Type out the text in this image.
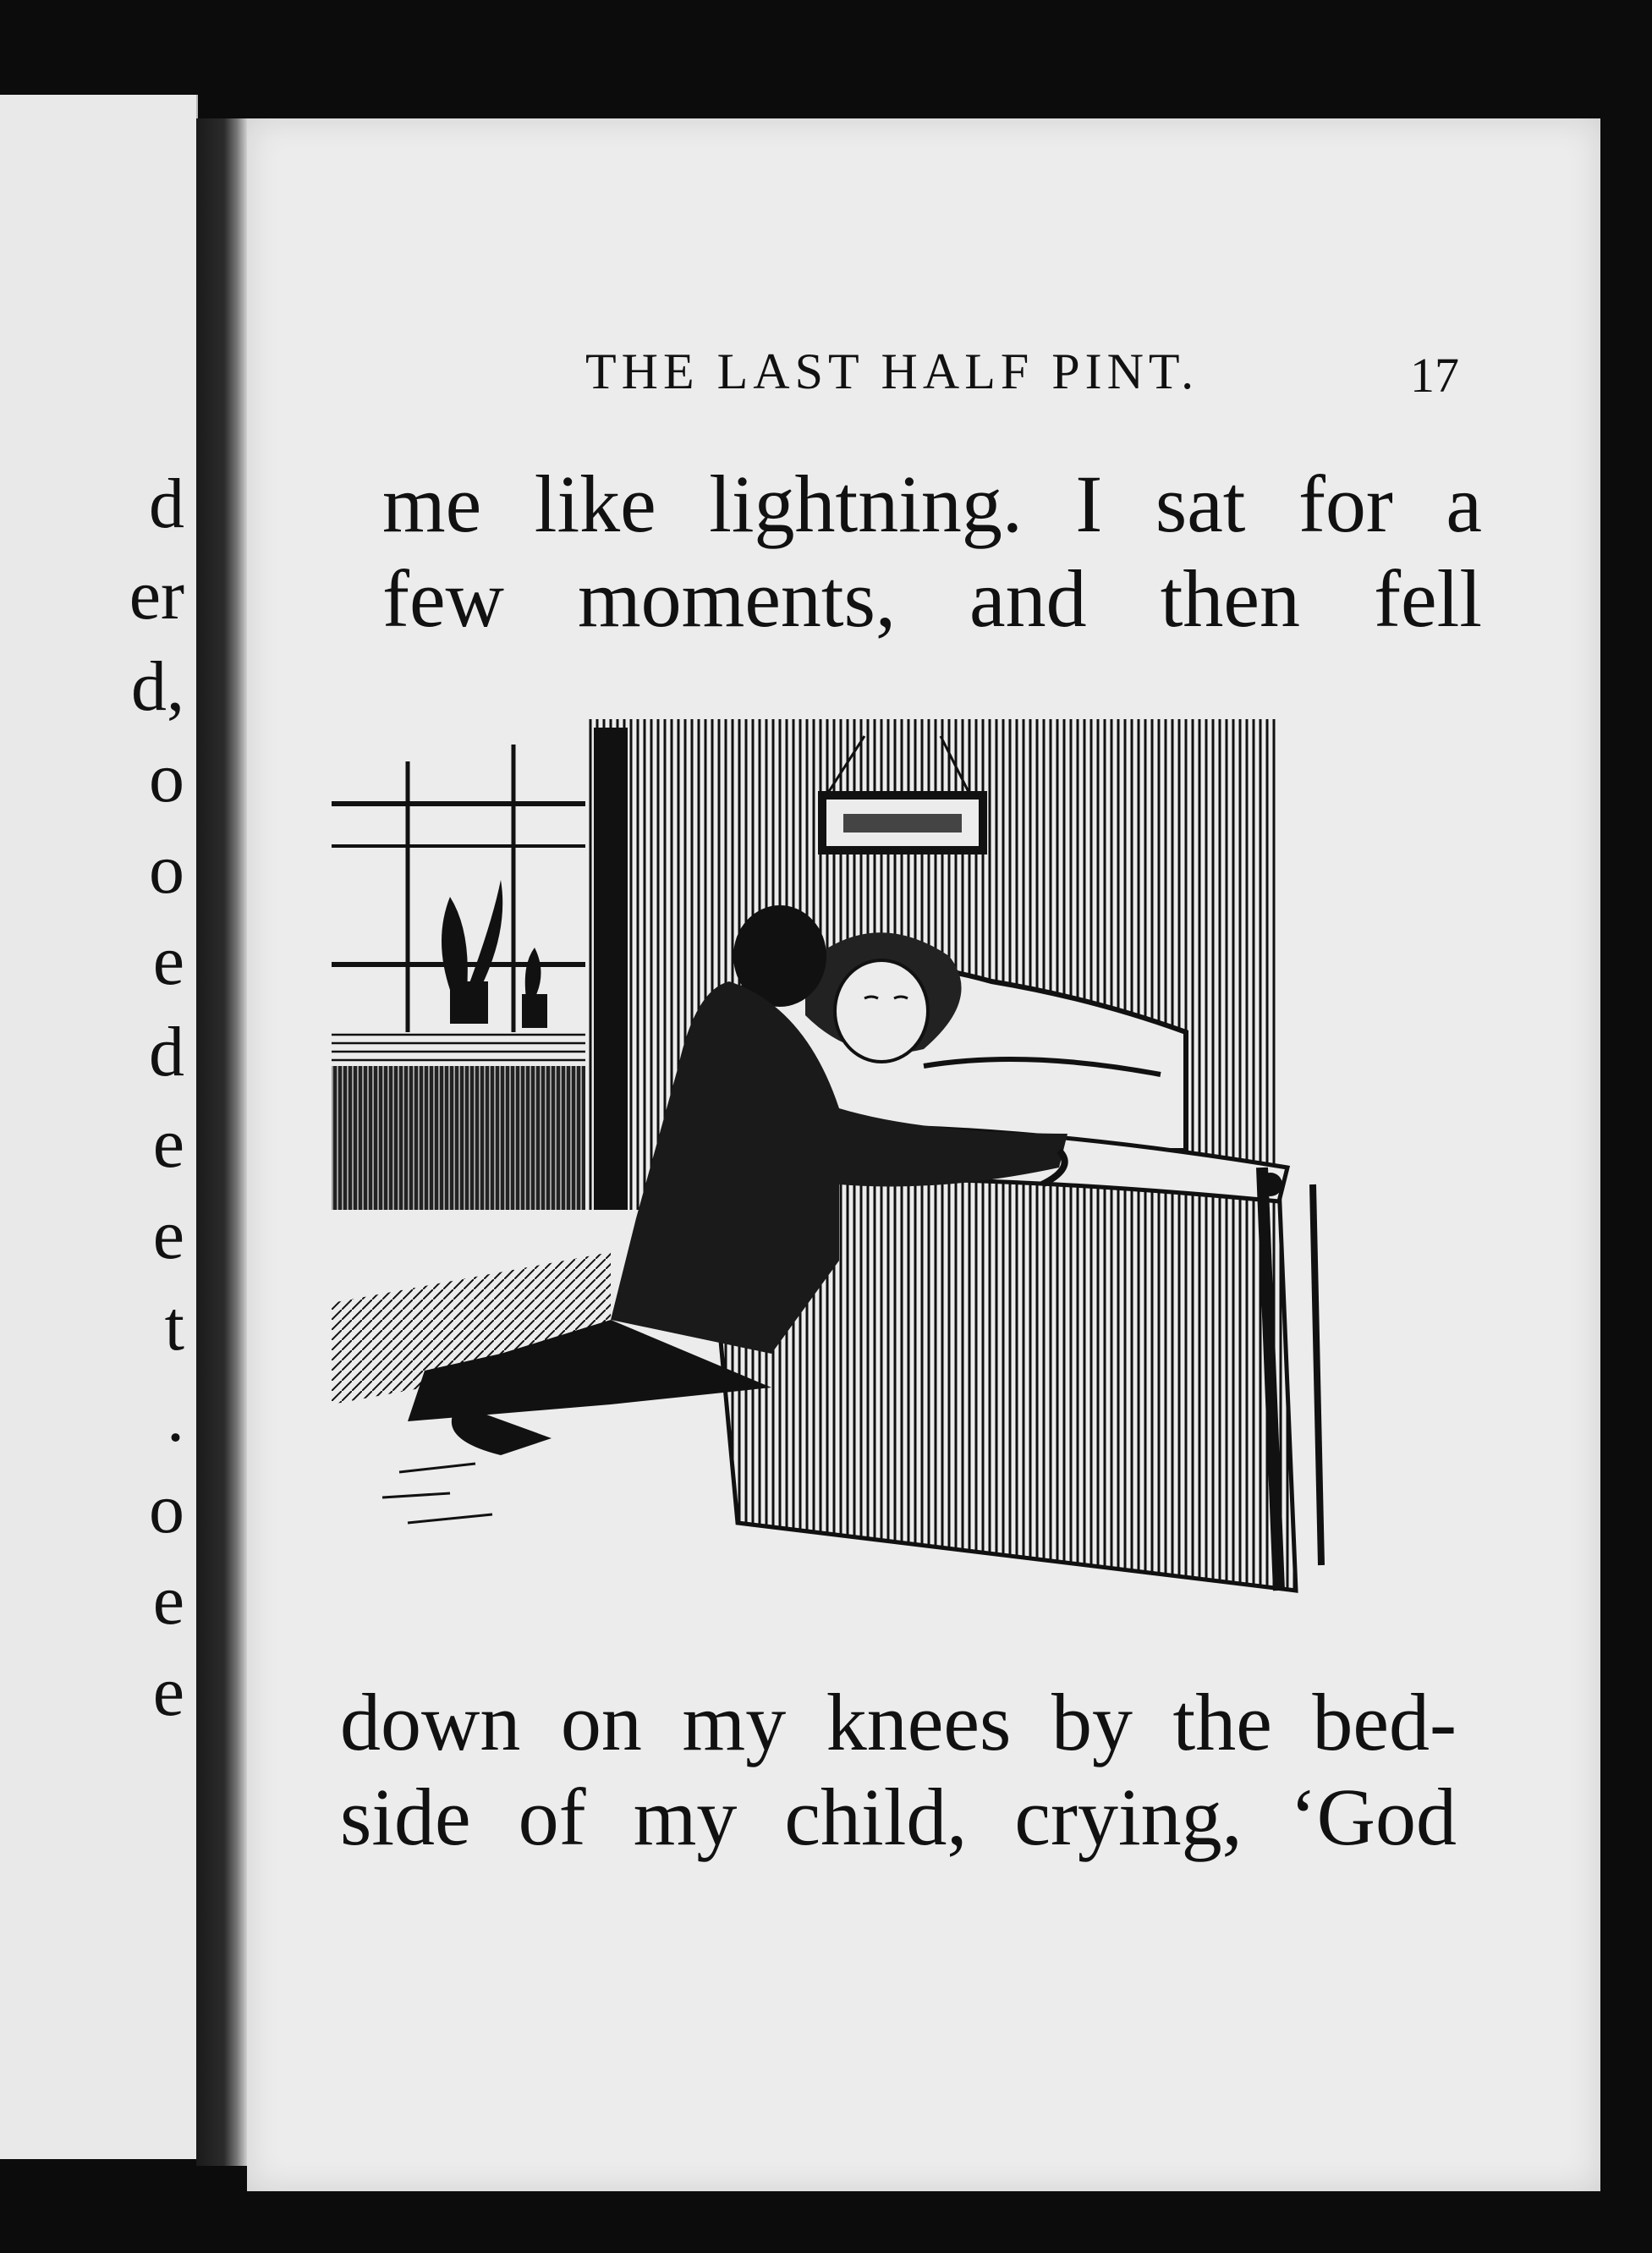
d
er
d,
o
o
e
d
e
e
t
.
o
e
e
THE LAST HALF PINT.	17
me like lightning. I sat for a
few moments, and then fell
down on my knees by the bed-
side of my child, crying, ‘God
